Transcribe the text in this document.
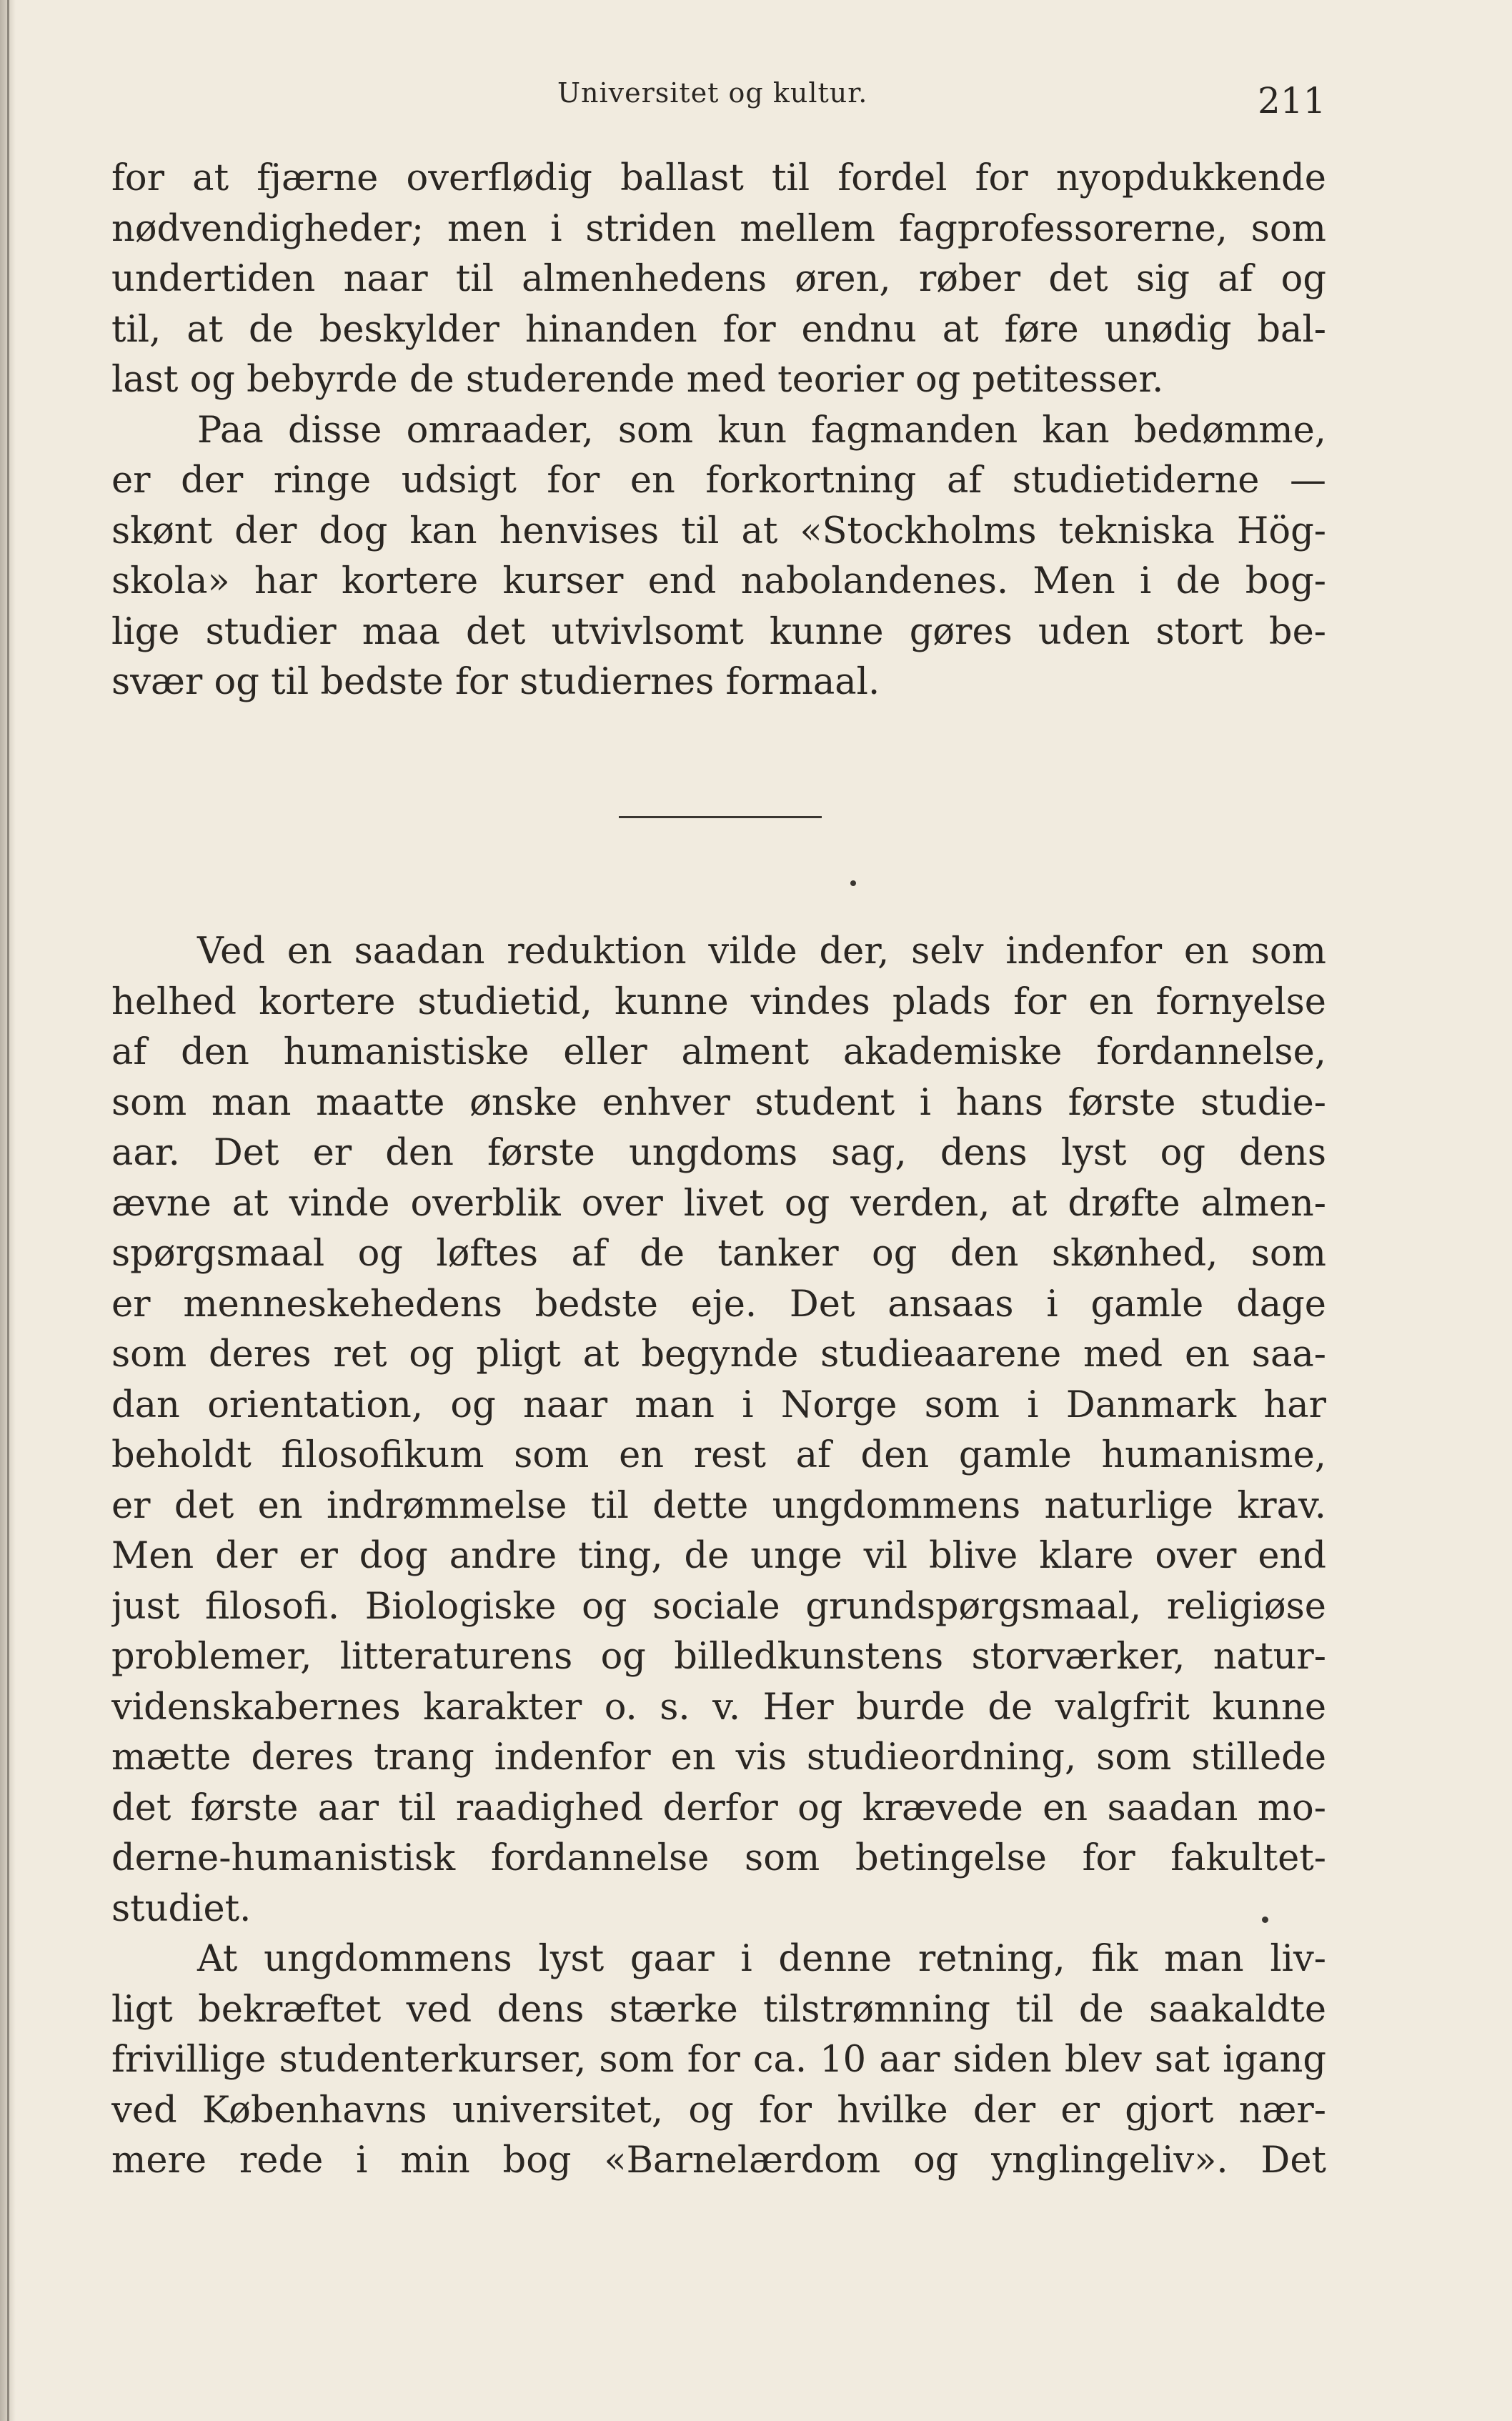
Universitet og kultur.	211
for at fjærne overflødig ballast til fordel for nyopdukkende
nødvendigheder; men i striden mellem fagprofessorerne, som
undertiden naar til almenhedens øren, røber det sig af og
til, at de beskylder hinanden for endnu at føre unødig bal-
last og bebyrde de studerende med teorier og petitesser.
Paa disse omraader, som kun fagmanden kan bedømme,
er der ringe udsigt for en forkortning af studietiderne —
skønt der dog kan henvises til at «Stockholms tekniska Hög-
skola» har kortere kurser end nabolandenes. Men i de bog-
lige studier maa det utvivlsomt kunne gøres uden stort be-
svær og til bedste for studiernes formaal.
Ved en saadan reduktion vilde der, selv indenfor en som
helhed kortere studietid, kunne vindes plads for en fornyelse
af den humanistiske eller alment akademiske fordannelse,
som man maatte ønske enhver student i hans første studie-
aar. Det er den første ungdoms sag, dens lyst og dens
ævne at vinde overblik over livet og verden, at drøfte almen-
spørgsmaal og løftes af de tanker og den skønhed, som
er menneskehedens bedste eje. Det ansaas i gamle dage
som deres ret og pligt at begynde studieaarene med en saa-
dan orientation, og naar man i Norge som i Danmark har
beholdt filosofikum som en rest af den gamle humanisme,
er det en indrømmelse til dette ungdommens naturlige krav.
Men der er dog andre ting, de unge vil blive klare over end
just filosofi. Biologiske og sociale grundspørgsmaal, religiøse
problemer, litteraturens og billedkunstens storværker, natur-
videnskabernes karakter o. s. v. Her burde de valgfrit kunne
mætte deres trang indenfor en vis studieordning, som stillede
det første aar til raadighed derfor og krævede en saadan mo-
derne-humanistisk fordannelse som betingelse for fakultet-
studiet.
At ungdommens lyst gaar i denne retning, fik man liv-
ligt bekræftet ved dens stærke tilstrømning til de saakaldte
frivillige studenterkurser, som for ca. 10 aar siden blev sat igang
ved Københavns universitet, og for hvilke der er gjort nær-
mere rede i min bog «Barnelærdom og ynglingeliv». Det
